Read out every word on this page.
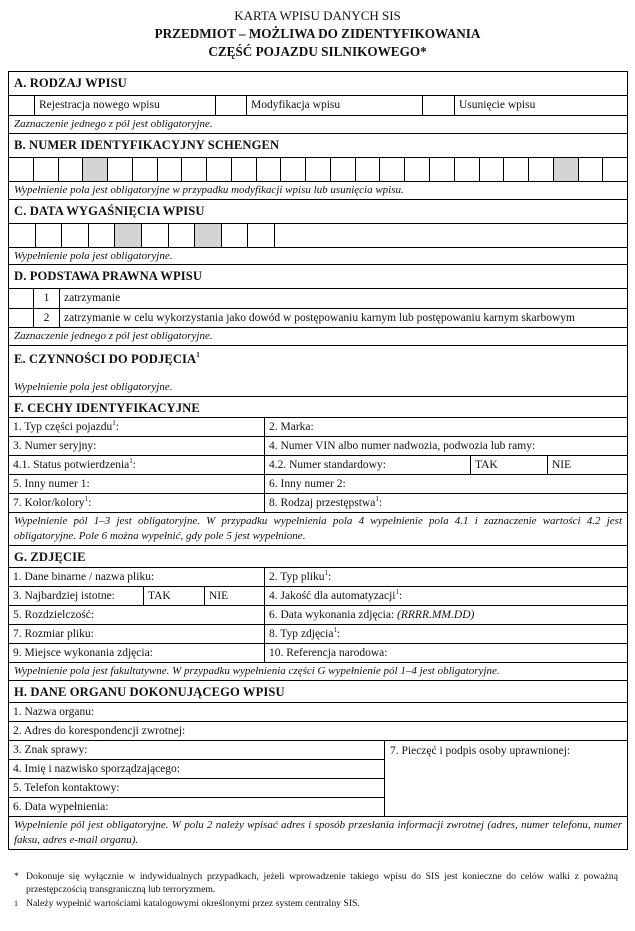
KARTA WPISU DANYCH SIS
PRZEDMIOT – MOŻLIWA DO ZIDENTYFIKOWANIA
CZĘŚĆ POJAZDU SILNIKOWEGO*
A. RODZAJ WPISU
Rejestracja nowego wpisu	Modyfikacja wpisu	Usunięcie wpisu
Zaznaczenie jednego z pól jest obligatoryjne.
B. NUMER IDENTYFIKACYJNY SCHENGEN
Wypełnienie pola jest obligatoryjne w przypadku modyfikacji wpisu lub usunięcia wpisu.
C. DATA WYGAŚNIĘCIA WPISU
Wypełnienie pola jest obligatoryjne.
D. PODSTAWA PRAWNA WPISU
1	zatrzymanie
2	zatrzymanie w celu wykorzystania jako dowód w postępowaniu karnym lub postępowaniu karnym skarbowym
Zaznaczenie jednego z pól jest obligatoryjne.
E. CZYNNOŚCI DO PODJĘCIA$^1$
Wypełnienie pola jest obligatoryjne.
F. CECHY IDENTYFIKACYJNE
1. Typ części pojazdu$^1$:	2. Marka:
3. Numer seryjny:	4. Numer VIN albo numer nadwozia, podwozia lub ramy:
4.1. Status potwierdzenia$^1$:	4.2. Numer standardowy:	TAK	NIE
5. Inny numer 1:	6. Inny numer 2:
7. Kolor/kolory$^1$:	8. Rodzaj przestępstwa$^1$:
Wypełnienie pól 1–3 jest obligatoryjne. W przypadku wypełnienia pola 4 wypełnienie pola 4.1 i zaznaczenie wartości 4.2 jest obligatoryjne. Pole 6 można wypełnić, gdy pole 5 jest wypełnione.
G. ZDJĘCIE
1. Dane binarne / nazwa pliku:	2. Typ pliku$^1$:
3. Najbardziej istotne:	TAK	NIE	4. Jakość dla automatyzacji$^1$:
5. Rozdzielczość:	6. Data wykonania zdjęcia: (RRRR.MM.DD)
7. Rozmiar pliku:	8. Typ zdjęcia$^1$:
9. Miejsce wykonania zdjęcia:	10. Referencja narodowa:
Wypełnienie pola jest fakultatywne. W przypadku wypełnienia części G wypełnienie pól 1–4 jest obligatoryjne.
H. DANE ORGANU DOKONUJĄCEGO WPISU
1. Nazwa organu:
2. Adres do korespondencji zwrotnej:
3. Znak sprawy:
4. Imię i nazwisko sporządzającego:
5. Telefon kontaktowy:
6. Data wypełnienia:
7. Pieczęć i podpis osoby uprawnionej:
Wypełnienie pól jest obligatoryjne. W polu 2 należy wpisać adres i sposób przesłania informacji zwrotnej (adres, numer telefonu, numer faksu, adres e-mail organu).
* Dokonuje się wyłącznie w indywidualnych przypadkach, jeżeli wprowadzenie takiego wpisu do SIS jest konieczne do celów walki z poważną przestępczością transgraniczną lub terroryzmem.
1 Należy wypełnić wartościami katalogowymi określonymi przez system centralny SIS.
